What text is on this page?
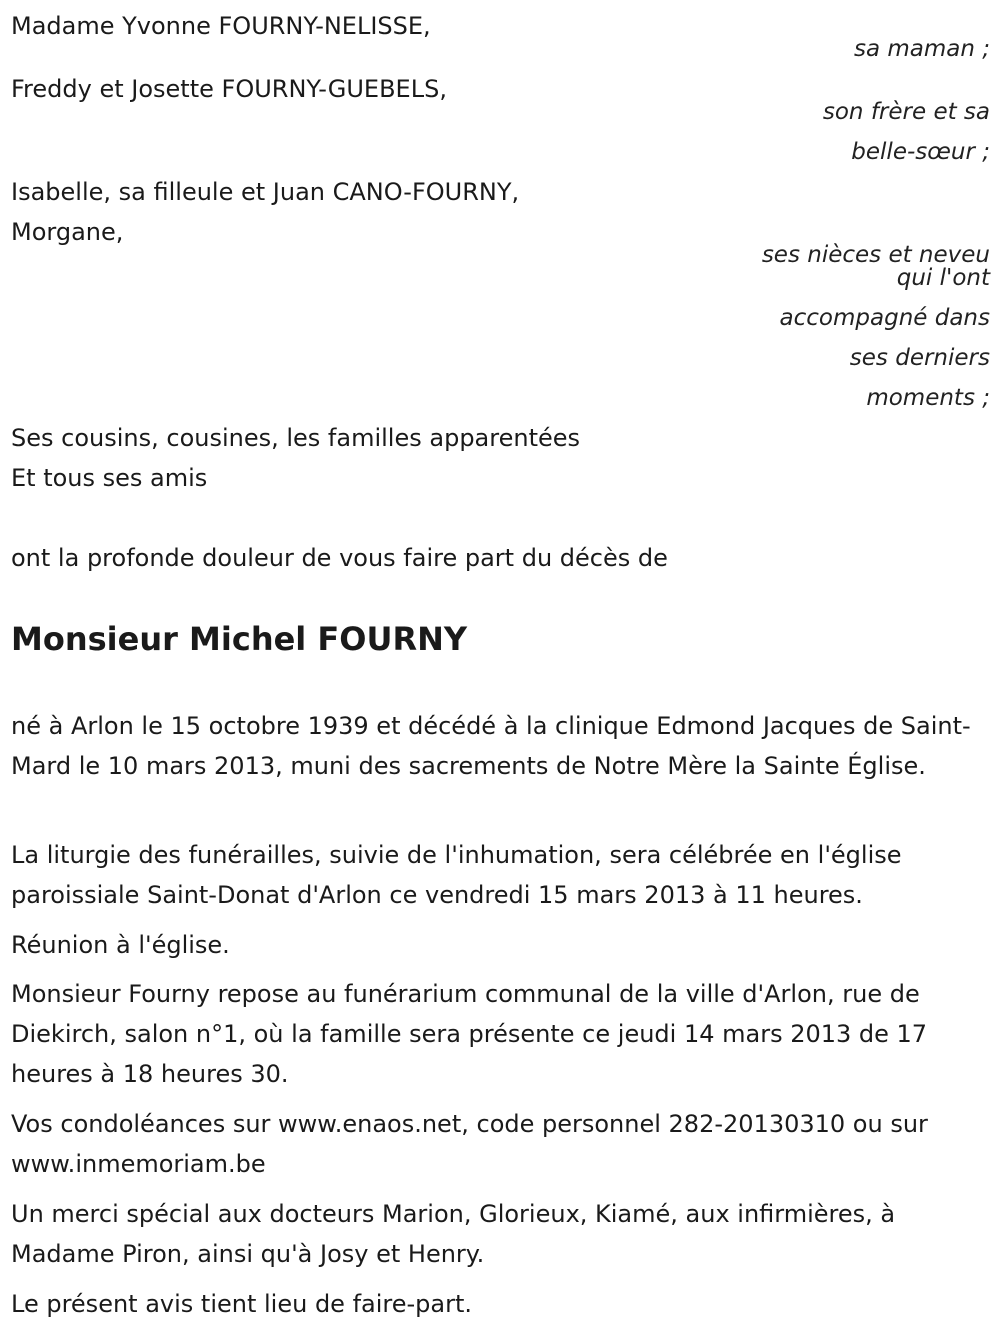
Madame Yvonne FOURNY-NELISSE,
sa maman ;
Freddy et Josette FOURNY-GUEBELS,
son frère et sa
belle-sœur ;
Isabelle, sa filleule et Juan CANO-FOURNY,
Morgane,
ses nièces et neveu
qui l'ont
accompagné dans
ses derniers
moments ;
Ses cousins, cousines, les familles apparentées
Et tous ses amis
ont la profonde douleur de vous faire part du décès de
Monsieur Michel FOURNY

né à Arlon le 15 octobre 1939 et décédé à la clinique Edmond Jacques de Saint-Mard le 10 mars 2013, muni des sacrements de Notre Mère la Sainte Église.

La liturgie des funérailles, suivie de l'inhumation, sera célébrée en l'église paroissiale Saint-Donat d'Arlon ce vendredi 15 mars 2013 à 11 heures.

Réunion à l'église.

Monsieur Fourny repose au funérarium communal de la ville d'Arlon, rue de Diekirch, salon n°1, où la famille sera présente ce jeudi 14 mars 2013 de 17 heures à 18 heures 30.

Vos condoléances sur www.enaos.net, code personnel 282-20130310 ou sur www.inmemoriam.be

Un merci spécial aux docteurs Marion, Glorieux, Kiamé, aux infirmières, à Madame Piron, ainsi qu'à Josy et Henry.

Le présent avis tient lieu de faire-part.
